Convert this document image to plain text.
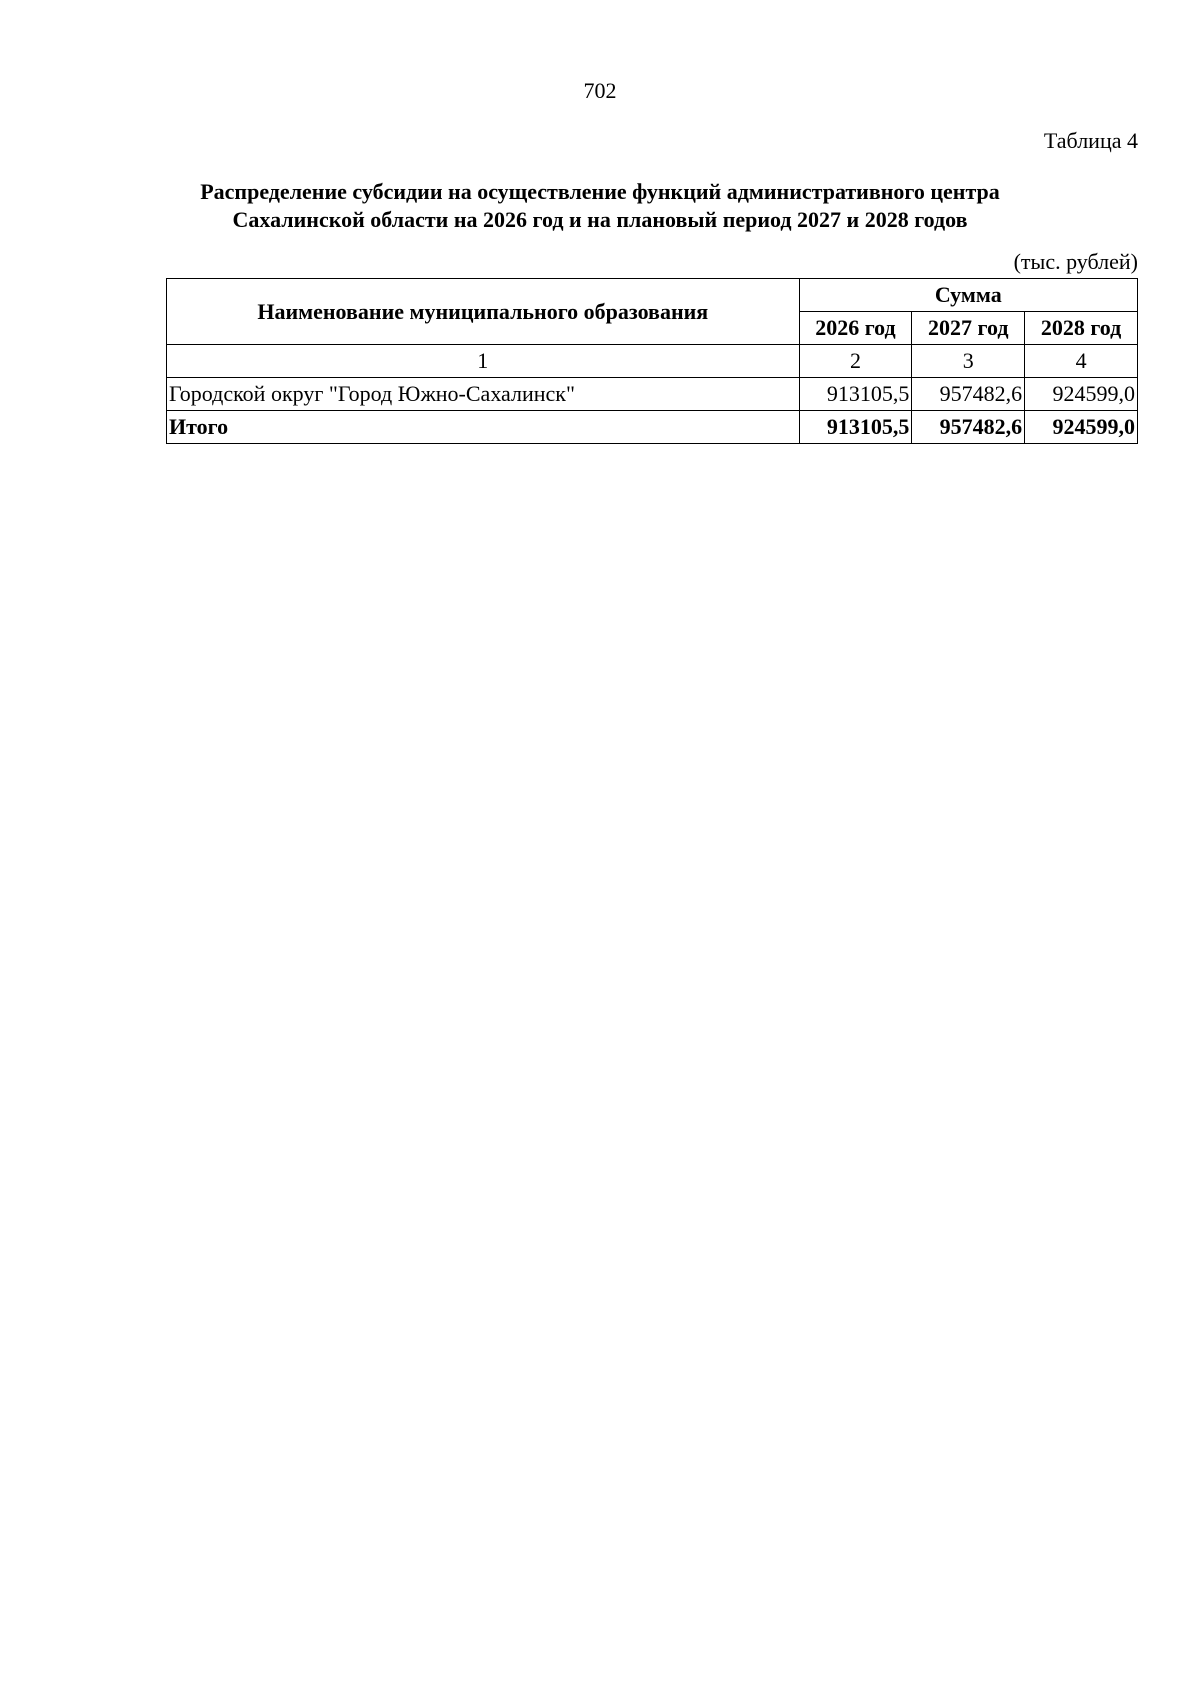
702
Таблица 4
Распределение субсидии на осуществление функций административного центра
Сахалинской области на 2026 год и на плановый период 2027 и 2028 годов
(тыс. рублей)
Наименование муниципального образования	Сумма		
	2026 год	2027 год	2028 год
1	2	3	4
Городской округ "Город Южно-Сахалинск"	913105,5	957482,6	924599,0
Итого	913105,5	957482,6	924599,0
